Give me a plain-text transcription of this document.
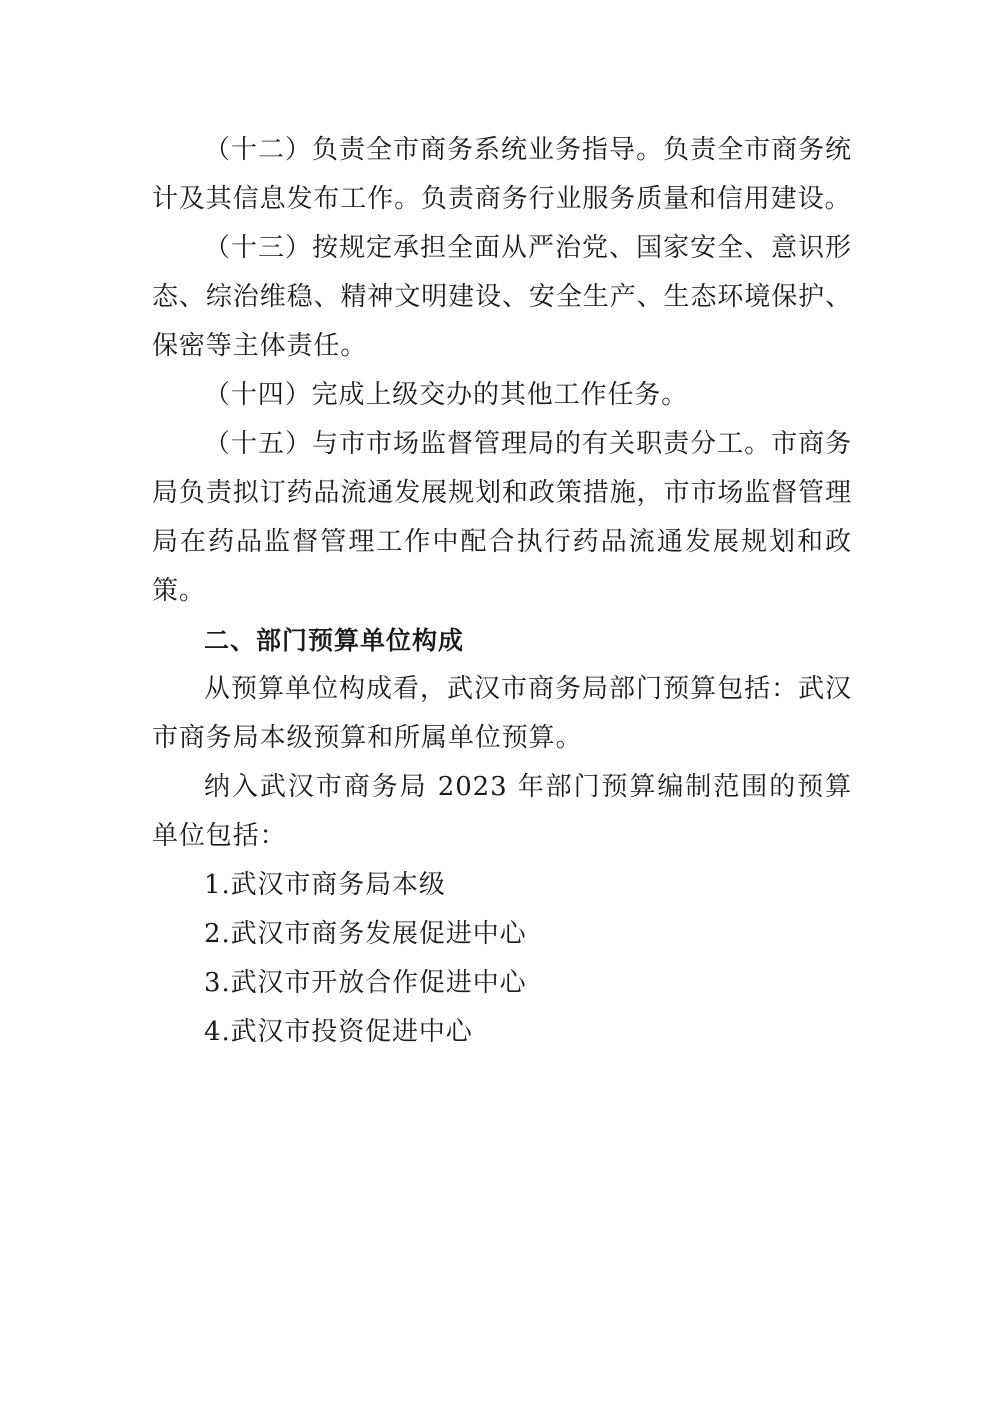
（十二）负责全市商务系统业务指导。负责全市商务统计及其信息发布工作。负责商务行业服务质量和信用建设。

（十三）按规定承担全面从严治党、国家安全、意识形态、综治维稳、精神文明建设、安全生产、生态环境保护、保密等主体责任。

（十四）完成上级交办的其他工作任务。

（十五）与市市场监督管理局的有关职责分工。市商务局负责拟订药品流通发展规划和政策措施，市市场监督管理局在药品监督管理工作中配合执行药品流通发展规划和政策。

二、部门预算单位构成

从预算单位构成看，武汉市商务局部门预算包括：武汉市商务局本级预算和所属单位预算。

纳入武汉市商务局 2023 年部门预算编制范围的预算单位包括：

1.武汉市商务局本级
2.武汉市商务发展促进中心
3.武汉市开放合作促进中心
4.武汉市投资促进中心
